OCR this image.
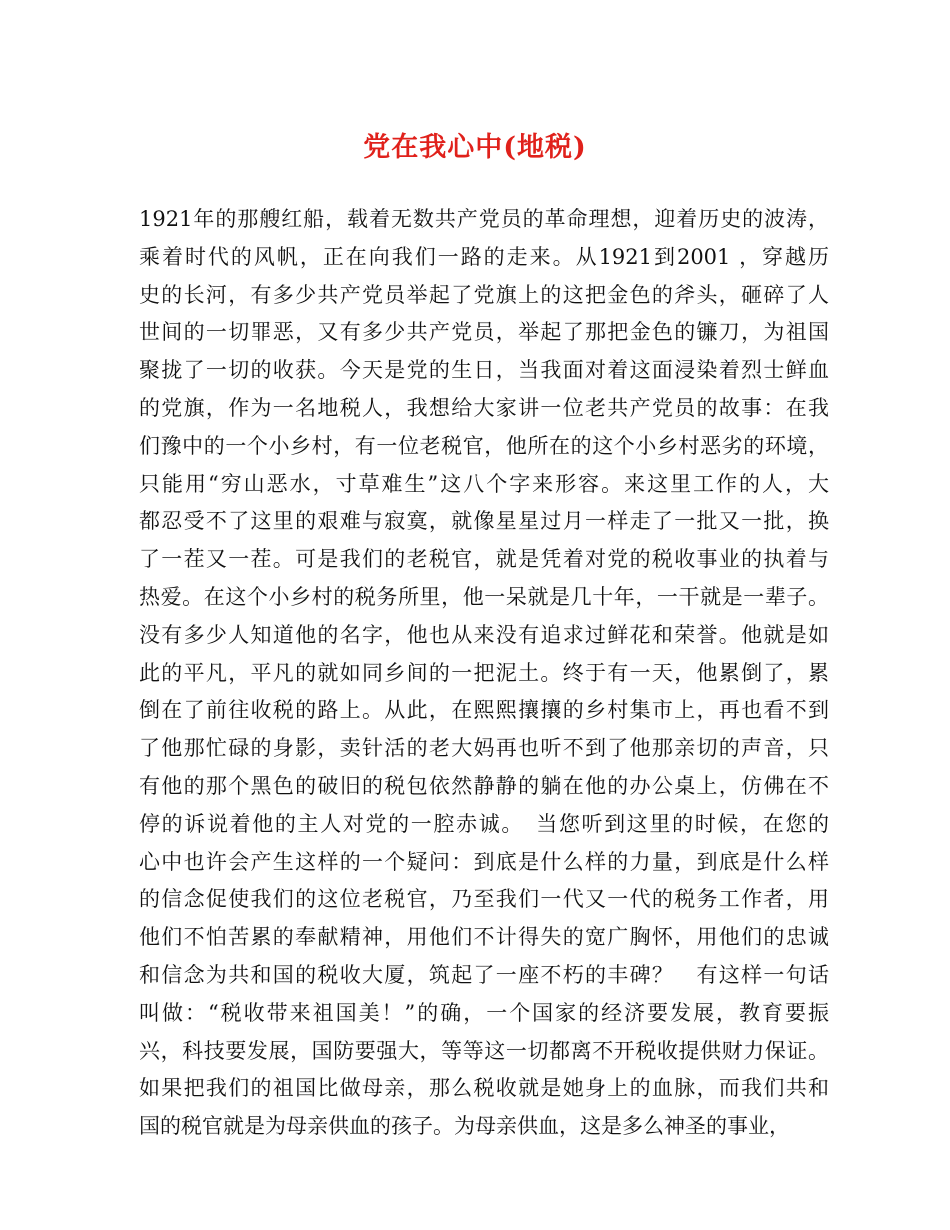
党在我心中(地税)
1921年的那艘红船，载着无数共产党员的革命理想，迎着历史的波涛，
乘着时代的风帆，正在向我们一路的走来。从1921到2001 ，穿越历
史的长河，有多少共产党员举起了党旗上的这把金色的斧头，砸碎了人
世间的一切罪恶，又有多少共产党员，举起了那把金色的镰刀，为祖国
聚拢了一切的收获。今天是党的生日，当我面对着这面浸染着烈士鲜血
的党旗，作为一名地税人，我想给大家讲一位老共产党员的故事：在我
们豫中的一个小乡村，有一位老税官，他所在的这个小乡村恶劣的环境，
只能用“穷山恶水，寸草难生”这八个字来形容。来这里工作的人，大
都忍受不了这里的艰难与寂寞，就像星星过月一样走了一批又一批，换
了一茬又一茬。可是我们的老税官，就是凭着对党的税收事业的执着与
热爱。在这个小乡村的税务所里，他一呆就是几十年，一干就是一辈子。
没有多少人知道他的名字，他也从来没有追求过鲜花和荣誉。他就是如
此的平凡，平凡的就如同乡间的一把泥土。终于有一天，他累倒了，累
倒在了前往收税的路上。从此，在熙熙攘攘的乡村集市上，再也看不到
了他那忙碌的身影，卖针活的老大妈再也听不到了他那亲切的声音，只
有他的那个黑色的破旧的税包依然静静的躺在他的办公桌上，仿佛在不
停的诉说着他的主人对党的一腔赤诚。　当您听到这里的时候，在您的
心中也许会产生这样的一个疑问：到底是什么样的力量，到底是什么样
的信念促使我们的这位老税官，乃至我们一代又一代的税务工作者，用
他们不怕苦累的奉献精神，用他们不计得失的宽广胸怀，用他们的忠诚
和信念为共和国的税收大厦，筑起了一座不朽的丰碑？　有这样一句话
叫做：“税收带来祖国美！”的确，一个国家的经济要发展，教育要振
兴，科技要发展，国防要强大，等等这一切都离不开税收提供财力保证。
如果把我们的祖国比做母亲，那么税收就是她身上的血脉，而我们共和
国的税官就是为母亲供血的孩子。为母亲供血，这是多么神圣的事业，
